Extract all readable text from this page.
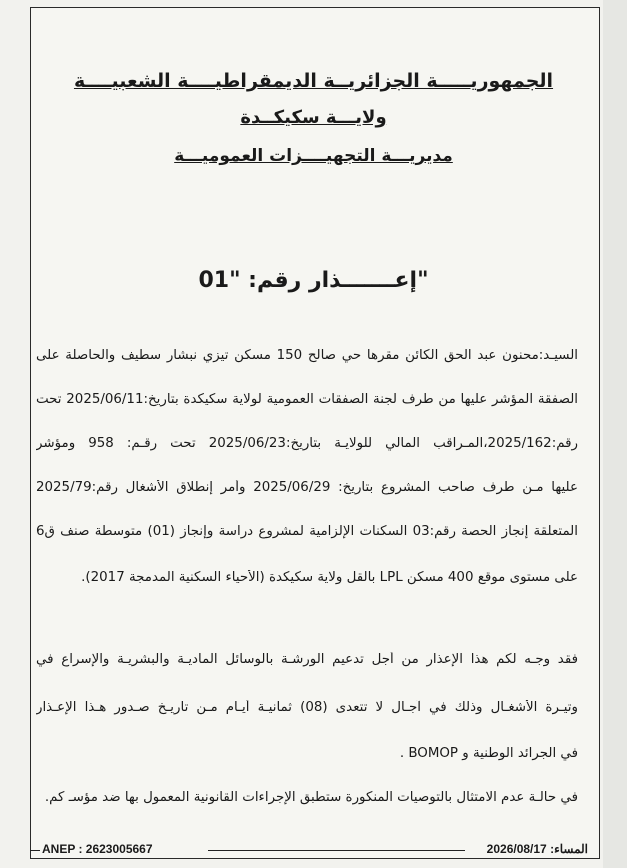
الجمهوريـــــة الجزائريــة الديمقراطيــــة الشعبيــــة
ولايـــة سكيكــدة
مديريـــة التجهيــــزات العموميـــة
إعـــــــذار رقم: "01"
السيـد:محنون عبد الحق الكائن مقرها حي صالح 150 مسكن تيزي نبشار سطيف والحاصلة على
الصفقة المؤشر عليها من طرف لجنة الصفقات العمومية لولاية سكيكدة بتاريخ:2025/06/11 تحت
رقم:2025/162،المـراقب المالي للولايـة بتاريخ:2025/06/23 تحت رقـم: 958 ومؤشر
عليها مـن طرف صاحب المشروع بتاريخ: 2025/06/29 وأمر إنطلاق الأشغال رقم:2025/79
المتعلقة إنجاز الحصة رقم:03 السكنات الإلزامية لمشروع دراسة وإنجاز (01) متوسطة صنف ق6
على مستوى موقع 400 مسكن LPL بالقل ولاية سكيكدة (الأحياء السكنية المدمجة 2017).
فقد وجـه لكم هذا الإعذار من أجل تدعيم الورشـة بالوسائل الماديـة والبشريـة والإسراع في
وتيـرة الأشغـال وذلك في آجـال لا تتعدى (08) ثمانيـة أيـام مـن تاريـخ صـدور هـذا الإعـذار
في الجرائد الوطنية و BOMOP .
في حالـة عدم الامتثال بالتوصيات المنكورة ستطبق الإجراءات القانونية المعمول بها ضد مؤسـ كم.
ANEP : 2623005667	المساء: 2026/08/17
